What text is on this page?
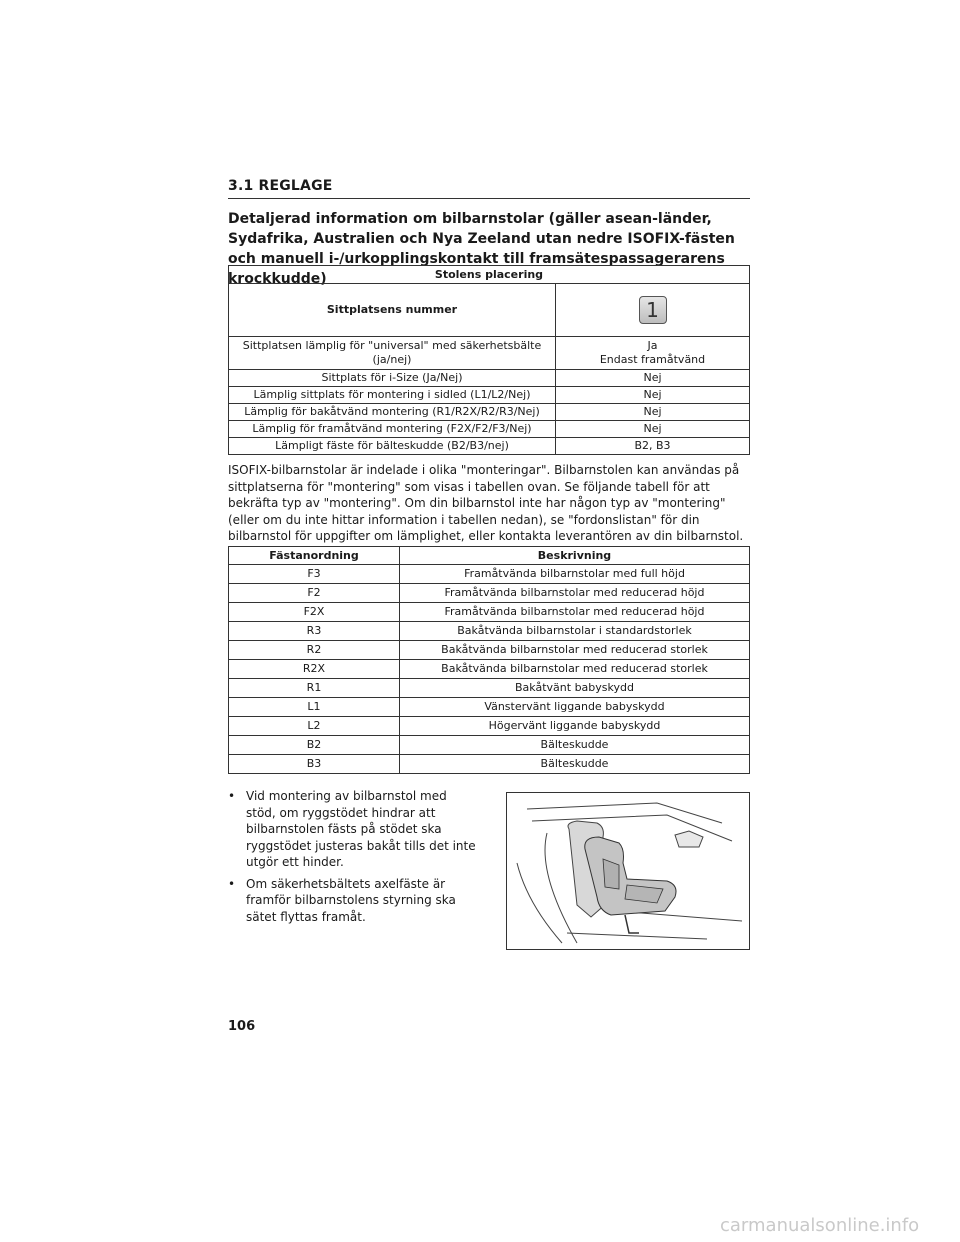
3.1 REGLAGE
Detaljerad information om bilbarnstolar (gäller asean-länder, Sydafrika, Australien och Nya Zeeland utan nedre ISOFIX-fästen och manuell i-/urkopplingskontakt till framsätespassagerarens krockkudde)	Stolens placering	
Sittplatsens nummer	1
Sittplatsen lämplig för "universal" med säkerhetsbälte (ja/nej)	Ja
Endast framåtvänd

Sittplats för i-Size (Ja/Nej)	Nej
Lämplig sittplats för montering i sidled (L1/L2/Nej)	Nej
Lämplig för bakåtvänd montering (R1/R2X/R2/R3/Nej)	Nej
Lämplig för framåtvänd montering (F2X/F2/F3/Nej)	Nej
Lämpligt fäste för bälteskudde (B2/B3/nej)	B2, B3
ISOFIX-bilbarnstolar är indelade i olika "monteringar". Bilbarnstolen kan användas på sittplatserna för "montering" som visas i tabellen ovan. Se följande tabell för att bekräfta typ av "montering". Om din bilbarnstol inte har någon typ av "montering" (eller om du inte hittar information i tabellen nedan), se "fordonslistan" för din bilbarnstol för uppgifter om lämplighet, eller kontakta leverantören av din bilbarnstol.
Fästanordning	Beskrivning
F3	Framåtvända bilbarnstolar med full höjd
F2	Framåtvända bilbarnstolar med reducerad höjd
F2X	Framåtvända bilbarnstolar med reducerad höjd
R3	Bakåtvända bilbarnstolar i standardstorlek
R2	Bakåtvända bilbarnstolar med reducerad storlek
R2X	Bakåtvända bilbarnstolar med reducerad storlek
R1	Bakåtvänt babyskydd
L1	Vänstervänt liggande babyskydd
L2	Högervänt liggande babyskydd
B2	Bälteskudde
B3	Bälteskudde
• Vid montering av bilbarnstol med stöd, om ryggstödet hindrar att bilbarnstolen fästs på stödet ska ryggstödet justeras bakåt tills det inte utgör ett hinder.
• Om säkerhetsbältets axelfäste är framför bilbarnstolens styrning ska sätet flyttas framåt.
106
carmanualsonline.info
